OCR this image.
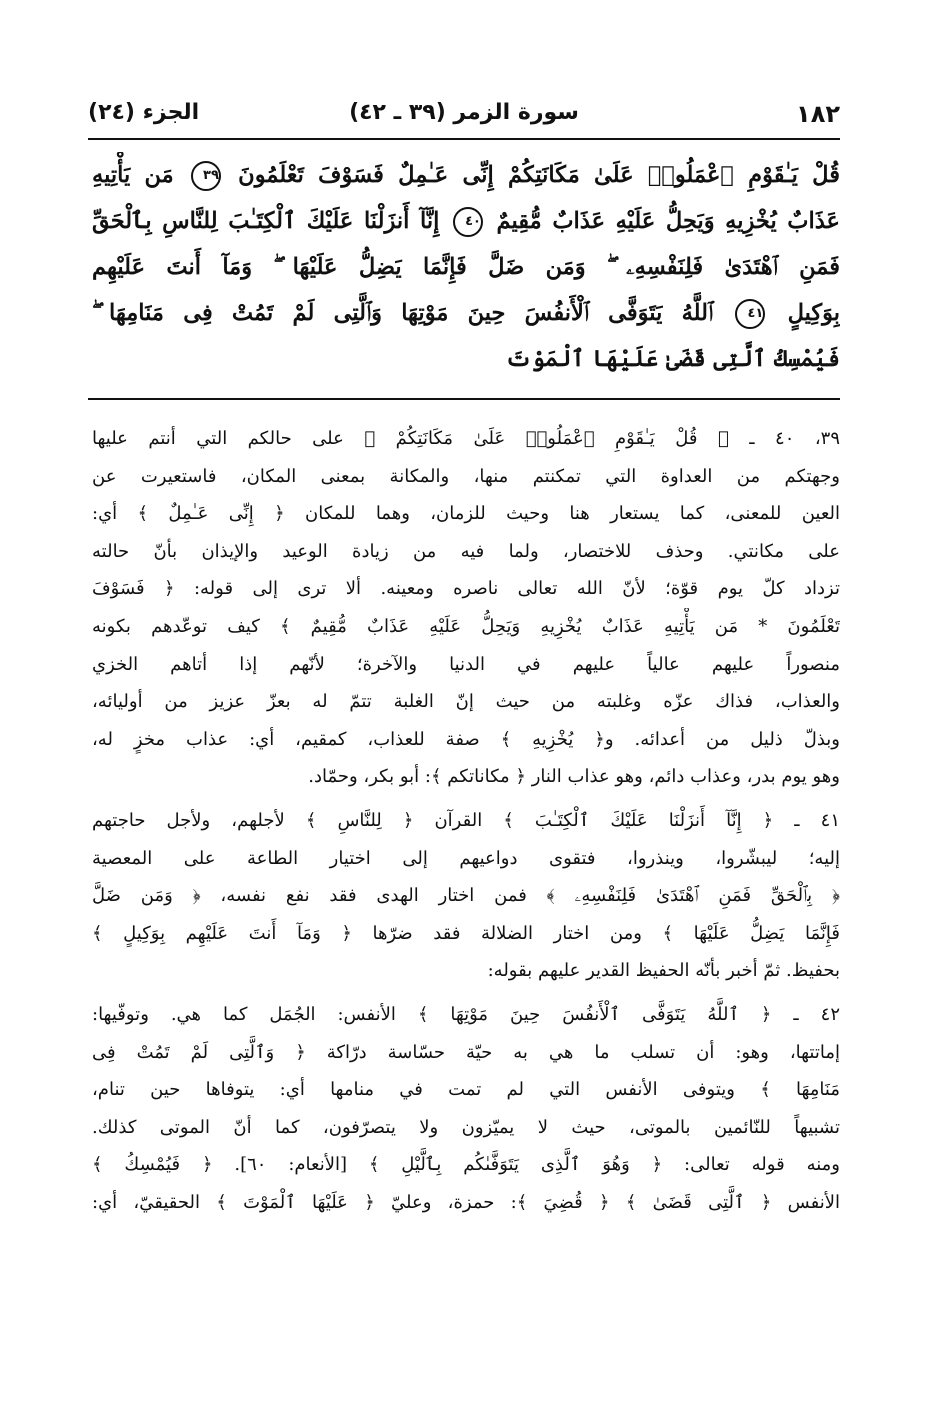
الجزء (٢٤)	سورة الزمر (٣٩ ـ ٤٢)	١٨٢
قُلْ يَـٰقَوْمِ ٱعْمَلُوا۟ عَلَىٰ مَكَانَتِكُمْ إِنِّى عَـٰمِلٌ فَسَوْفَ تَعْلَمُونَ ٣٩ مَن يَأْتِيهِ
عَذَابٌ يُخْزِيهِ وَيَحِلُّ عَلَيْهِ عَذَابٌ مُّقِيمٌ ٤٠ إِنَّآ أَنزَلْنَا عَلَيْكَ ٱلْكِتَـٰبَ لِلنَّاسِ بِٱلْحَقِّ
فَمَنِ ٱهْتَدَىٰ فَلِنَفْسِهِۦ ۖ وَمَن ضَلَّ فَإِنَّمَا يَضِلُّ عَلَيْهَا ۖ وَمَآ أَنتَ عَلَيْهِم
بِوَكِيلٍ ٤١ ٱللَّهُ يَتَوَفَّى ٱلْأَنفُسَ حِينَ مَوْتِهَا وَٱلَّتِى لَمْ تَمُتْ فِى مَنَامِهَا ۖ
فَيُمْسِكُ ٱلَّتِى قَضَىٰ عَلَيْهَا ٱلْمَوْتَ
٣٩، ٤٠ ـ ﴿ قُلْ يَـٰقَوْمِ ٱعْمَلُوا۟ عَلَىٰ مَكَانَتِكُمْ ﴾ على حالكم التي أنتم عليها
وجهتكم من العداوة التي تمكنتم منها، والمكانة بمعنى المكان، فاستعيرت عن
العين للمعنى، كما يستعار هنا وحيث للزمان، وهما للمكان ﴿ إِنِّى عَـٰمِلٌ ﴾ أي:
على مكانتي. وحذف للاختصار، ولما فيه من زيادة الوعيد والإيذان بأنّ حالته
تزداد كلّ يوم قوّة؛ لأنّ الله تعالى ناصره ومعينه. ألا ترى إلى قوله: ﴿ فَسَوْفَ
تَعْلَمُونَ * مَن يَأْتِيهِ عَذَابٌ يُخْزِيهِ وَيَحِلُّ عَلَيْهِ عَذَابٌ مُّقِيمٌ ﴾ كيف توعّدهم بكونه
منصوراً عليهم عالياً عليهم في الدنيا والآخرة؛ لأنّهم إذا أتاهم الخزي
والعذاب، فذاك عزّه وغلبته من حيث إنّ الغلبة تتمّ له بعزّ عزيز من أوليائه،
وبذلّ ذليل من أعدائه. و﴿ يُخْزِيهِ ﴾ صفة للعذاب، كمقيم، أي: عذاب مخزٍ له،
وهو يوم بدر، وعذاب دائم، وهو عذاب النار ﴿ مكاناتكم ﴾: أبو بكر، وحمّاد.
٤١ ـ ﴿ إِنَّآ أَنزَلْنَا عَلَيْكَ ٱلْكِتَـٰبَ ﴾ القرآن ﴿ لِلنَّاسِ ﴾ لأجلهم، ولأجل حاجتهم
إليه؛ ليبشّروا، وينذروا، فتقوى دواعيهم إلى اختيار الطاعة على المعصية
﴿ بِٱلْحَقِّ فَمَنِ ٱهْتَدَىٰ فَلِنَفْسِهِۦ ﴾ فمن اختار الهدى فقد نفع نفسه، ﴿ وَمَن ضَلَّ
فَإِنَّمَا يَضِلُّ عَلَيْهَا ﴾ ومن اختار الضلالة فقد ضرّها ﴿ وَمَآ أَنتَ عَلَيْهِم بِوَكِيلٍ ﴾
بحفيظ. ثمّ أخبر بأنّه الحفيظ القدير عليهم بقوله:
٤٢ ـ ﴿ ٱللَّهُ يَتَوَفَّى ٱلْأَنفُسَ حِينَ مَوْتِهَا ﴾ الأنفس: الجُمَل كما هي. وتوفّيها:
إماتتها، وهو: أن تسلب ما هي به حيّة حسّاسة درّاكة ﴿ وَٱلَّتِى لَمْ تَمُتْ فِى
مَنَامِهَا ﴾ ويتوفى الأنفس التي لم تمت في منامها أي: يتوفاها حين تنام،
تشبيهاً للنّائمين بالموتى، حيث لا يميّزون ولا يتصرّفون، كما أنّ الموتى كذلك.
ومنه قوله تعالى: ﴿ وَهُوَ ٱلَّذِى يَتَوَفَّىٰكُم بِٱلَّيْلِ ﴾ [الأنعام: ٦٠]. ﴿ فَيُمْسِكُ ﴾
الأنفس ﴿ ٱلَّتِى قَضَىٰ ﴾ ﴿ قُضِيَ ﴾: حمزة، وعليّ ﴿ عَلَيْهَا ٱلْمَوْتَ ﴾ الحقيقيّ، أي:
